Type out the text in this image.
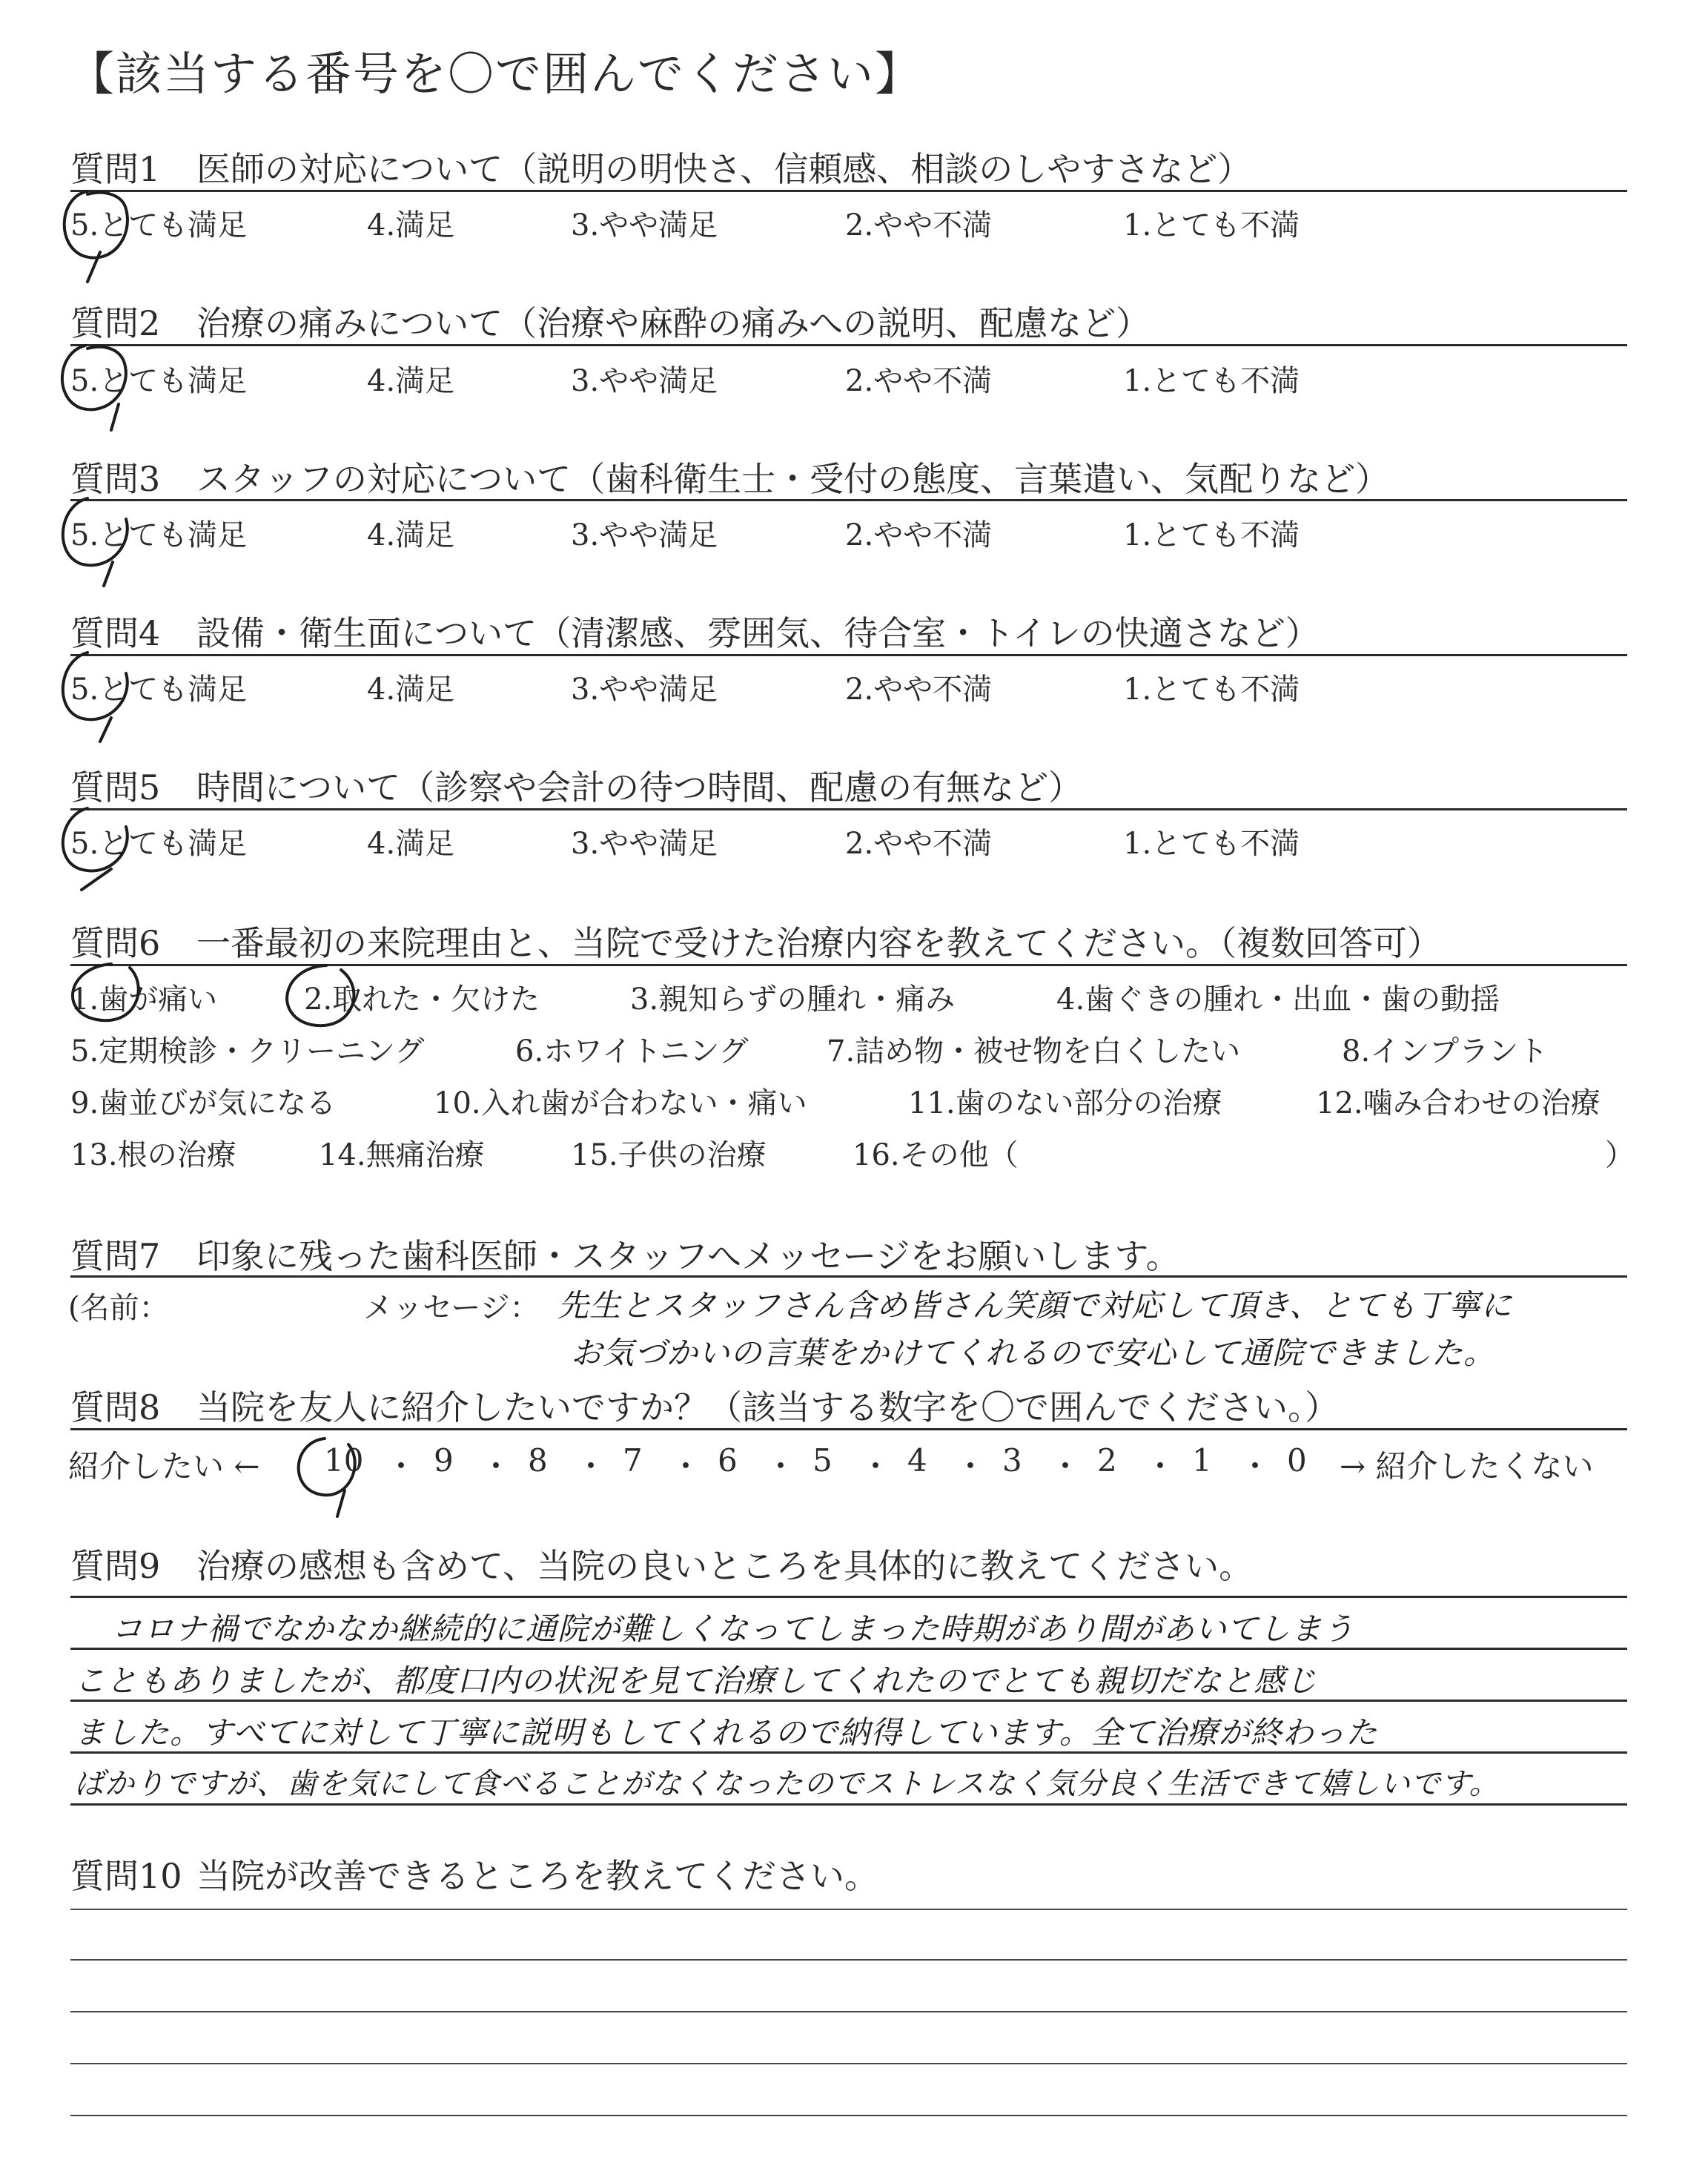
【該当する番号を〇で囲んでください】
質問1 医師の対応について（説明の明快さ、信頼感、相談のしやすさなど）
5.とても満足	4.満足	3.やや満足	2.やや不満	1.とても不満
質問2 治療の痛みについて（治療や麻酔の痛みへの説明、配慮など）
5.とても満足	4.満足	3.やや満足	2.やや不満	1.とても不満
質問3 スタッフの対応について（歯科衛生士・受付の態度、言葉遣い、気配りなど）
5.とても満足	4.満足	3.やや満足	2.やや不満	1.とても不満
質問4 設備・衛生面について（清潔感、雰囲気、待合室・トイレの快適さなど）
5.とても満足	4.満足	3.やや満足	2.やや不満	1.とても不満
質問5 時間について（診察や会計の待つ時間、配慮の有無など）
5.とても満足	4.満足	3.やや満足	2.やや不満	1.とても不満
質問6 一番最初の来院理由と、当院で受けた治療内容を教えてください。（複数回答可）
1.歯が痛い	2.取れた・欠けた	3.親知らずの腫れ・痛み	4.歯ぐきの腫れ・出血・歯の動揺
5.定期検診・クリーニング	6.ホワイトニング	7.詰め物・被せ物を白くしたい	8.インプラント
9.歯並びが気になる	10.入れ歯が合わない・痛い	11.歯のない部分の治療	12.噛み合わせの治療
13.根の治療	14.無痛治療	15.子供の治療	16.その他（	）
質問7 印象に残った歯科医師・スタッフへメッセージをお願いします。
(名前：	メッセージ： 先生とスタッフさん含め皆さん笑顔で対応して頂き、とても丁寧に
お気づかいの言葉をかけてくれるので安心して通院できました。
質問8 当院を友人に紹介したいですか？（該当する数字を〇で囲んでください。）
紹介したい ← 10 ・ 9 ・ 8 ・ 7 ・ 6 ・ 5 ・ 4 ・ 3 ・ 2 ・ 1 ・ 0 → 紹介したくない
質問9 治療の感想も含めて、当院の良いところを具体的に教えてください。
コロナ禍でなかなか継続的に通院が難しくなってしまった時期があり間があいてしまう
こともありましたが、都度口内の状況を見て治療してくれたのでとても親切だなと感じ
ました。すべてに対して丁寧に説明もしてくれるので納得しています。全て治療が終わった
ばかりですが、歯を気にして食べることがなくなったのでストレスなく気分良く生活できて嬉しいです。
質問10 当院が改善できるところを教えてください。
